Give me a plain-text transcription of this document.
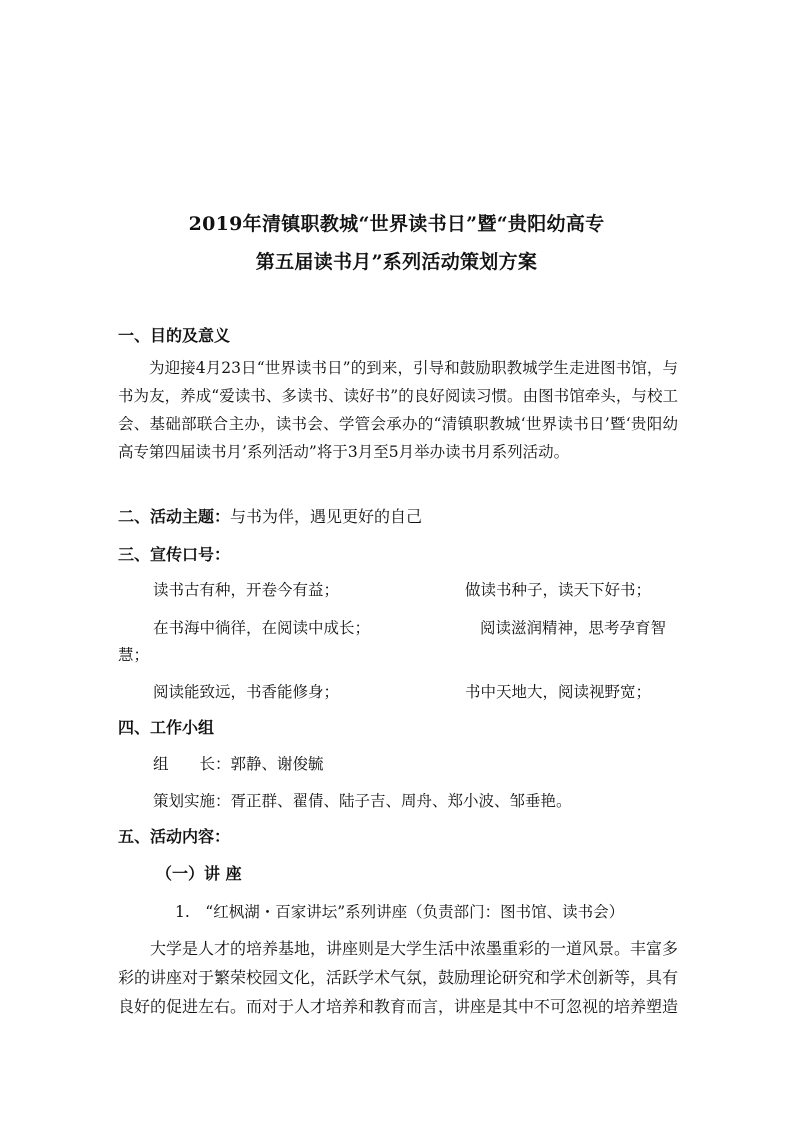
2019年清镇职教城“世界读书日”暨“贵阳幼高专
第五届读书月”系列活动策划方案
一、目的及意义

为迎接4月23日“世界读书日”的到来，引导和鼓励职教城学生走进图书馆，与书为友，养成“爱读书、多读书、读好书”的良好阅读习惯。由图书馆牵头，与校工会、基础部联合主办，读书会、学管会承办的“清镇职教城‘世界读书日’暨‘贵阳幼高专第四届读书月’系列活动”将于3月至5月举办读书月系列活动。

二、活动主题：与书为伴，遇见更好的自己
三、宣传口号：
读书古有种，开卷今有益；	做读书种子，读天下好书；
在书海中徜徉，在阅读中成长；	阅读滋润精神，思考孕育智
慧；
阅读能致远，书香能修身；	书中天地大，阅读视野宽；
四、工作小组
组　　长：郭静、谢俊毓
策划实施：胥正群、翟倩、陆子吉、周舟、郑小波、邹垂艳。
五、活动内容：
（一）讲 座
1.　“红枫湖・百家讲坛”系列讲座（负责部门：图书馆、读书会）

大学是人才的培养基地，讲座则是大学生活中浓墨重彩的一道风景。丰富多彩的讲座对于繁荣校园文化，活跃学术气氛，鼓励理论研究和学术创新等，具有良好的促进左右。而对于人才培养和教育而言，讲座是其中不可忽视的培养塑造
